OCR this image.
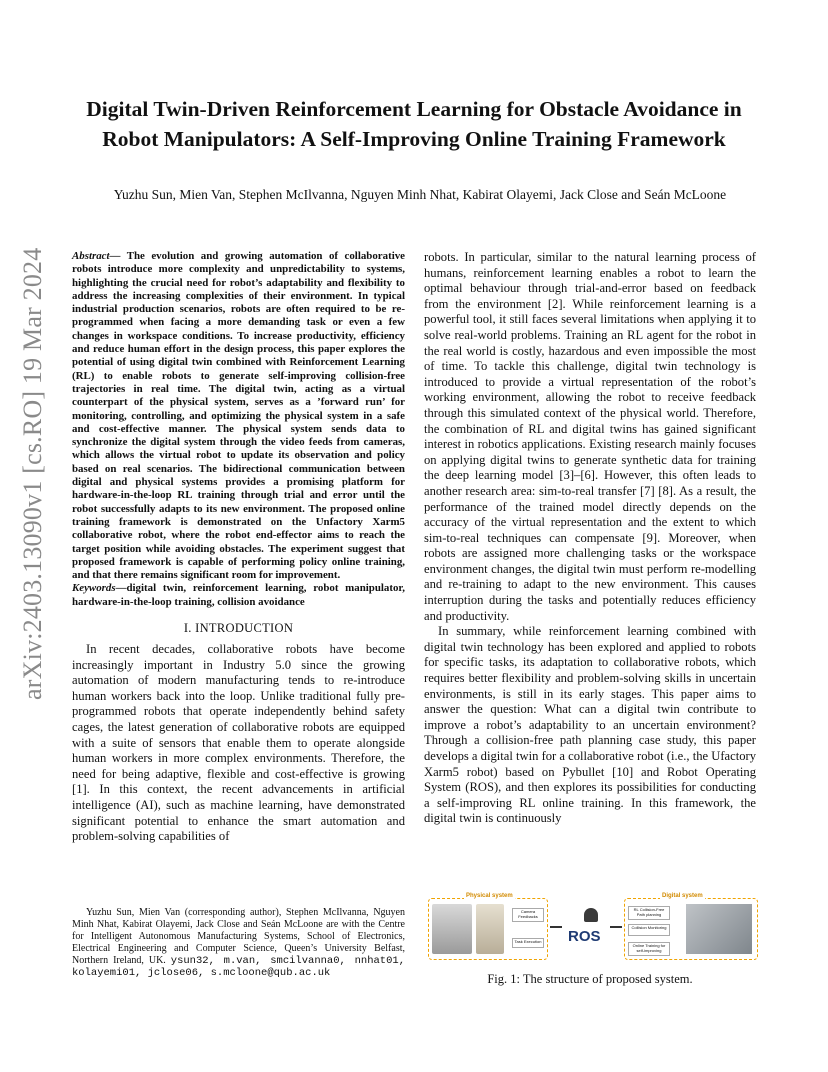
Digital Twin-Driven Reinforcement Learning for Obstacle Avoidance in
Robot Manipulators: A Self-Improving Online Training Framework
Yuzhu Sun, Mien Van, Stephen McIlvanna, Nguyen Minh Nhat, Kabirat Olayemi, Jack Close and Seán McLoone
arXiv:2403.13090v1 [cs.RO] 19 Mar 2024 Abstract— The evolution and growing automation of collaborative robots introduce more complexity and unpredictability to systems, highlighting the crucial need for robot’s adaptability and flexibility to address the increasing complexities of their environment. In typical industrial production scenarios, robots are often required to be re-programmed when facing a more demanding task or even a few changes in workspace conditions. To increase productivity, efficiency and reduce human effort in the design process, this paper explores the potential of using digital twin combined with Reinforcement Learning (RL) to enable robots to generate self-improving collision-free trajectories in real time. The digital twin, acting as a virtual counterpart of the physical system, serves as a ’forward run’ for monitoring, controlling, and optimizing the physical system in a safe and cost-effective manner. The physical system sends data to synchronize the digital system through the video feeds from cameras, which allows the virtual robot to update its observation and policy based on real scenarios. The bidirectional communication between digital and physical systems provides a promising platform for hardware-in-the-loop RL training through trial and error until the robot successfully adapts to its new environment. The proposed online training framework is demonstrated on the Unfactory Xarm5 collaborative robot, where the robot end-effector aims to reach the target position while avoiding obstacles. The experiment suggest that proposed framework is capable of performing policy online training, and that there remains significant room for improvement.

Keywords—digital twin, reinforcement learning, robot manipulator, hardware-in-the-loop training, collision avoidance

I. INTRODUCTION

In recent decades, collaborative robots have become increasingly important in Industry 5.0 since the growing automation of modern manufacturing tends to re-introduce human workers back into the loop. Unlike traditional fully pre-programmed robots that operate independently behind safety cages, the latest generation of collaborative robots are equipped with a suite of sensors that enable them to operate alongside human workers in more complex environments. Therefore, the need for being adaptive, flexible and cost-effective is growing [1]. In this context, the recent advancements in artificial intelligence (AI), such as machine learning, have demonstrated significant potential to enhance the smart automation and problem-solving capabilities of

Yuzhu Sun, Mien Van (corresponding author), Stephen McIlvanna, Nguyen Minh Nhat, Kabirat Olayemi, Jack Close and Seán McLoone are with the Centre for Intelligent Autonomous Manufacturing Systems, School of Electronics, Electrical Engineering and Computer Science, Queen’s University Belfast, Northern Ireland, UK. ysun32, m.van, smcilvanna0, nnhat01, kolayemi01, jclose06, s.mcloone@qub.ac.uk

robots. In particular, similar to the natural learning process of humans, reinforcement learning enables a robot to learn the optimal behaviour through trial-and-error based on feedback from the environment [2]. While reinforcement learning is a powerful tool, it still faces several limitations when applying it to solve real-world problems. Training an RL agent for the robot in the real world is costly, hazardous and even impossible the most of time. To tackle this challenge, digital twin technology is introduced to provide a virtual representation of the robot’s working environment, allowing the robot to receive feedback through this simulated context of the physical world. Therefore, the combination of RL and digital twins has gained significant interest in robotics applications. Existing research mainly focuses on applying digital twins to generate synthetic data for training the deep learning model [3]–[6]. However, this often leads to another research area: sim-to-real transfer [7] [8]. As a result, the performance of the trained model directly depends on the accuracy of the virtual representation and the extent to which sim-to-real techniques can compensate [9]. Moreover, when robots are assigned more challenging tasks or the workspace environment changes, the digital twin must perform re-modelling and re-training to adapt to the new environment. This causes interruption during the tasks and potentially reduces efficiency and productivity.

In summary, while reinforcement learning combined with digital twin technology has been explored and applied to robots for specific tasks, its adaptation to collaborative robots, which requires better flexibility and problem-solving skills in uncertain environments, is still in its early stages. This paper aims to answer the question: What can a digital twin contribute to improve a robot’s adaptability to an uncertain environment? Through a collision-free path planning case study, this paper develops a digital twin for a collaborative robot (i.e., the Ufactory Xarm5 robot) based on Pybullet [10] and Robot Operating System (ROS), and then explores its possibilities for conducting a self-improving RL online training. In this framework, the digital twin is continuously

Physical system
Camera Feedbacks
Task Execution ROS
Digital system
RL Collision-Free Path planning
Collision Monitoring
Online Training for self-improving
Fig. 1: The structure of proposed system.
